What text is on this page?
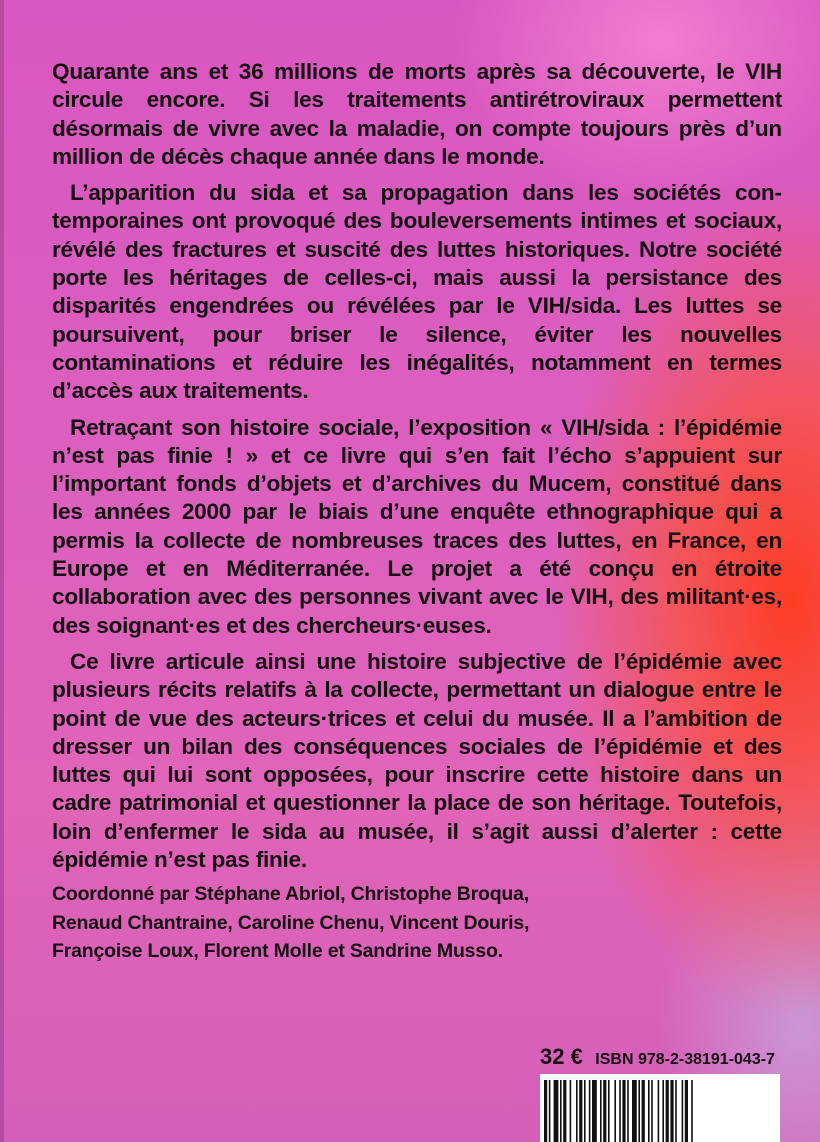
Quarante ans et 36 millions de morts après sa découverte, le VIH circule encore. Si les traitements antirétroviraux permettent désormais de vivre avec la maladie, on compte toujours près d’un million de décès chaque année dans le monde.

L’apparition du sida et sa propagation dans les sociétés contemporaines ont provoqué des bouleversements intimes et sociaux, révélé des fractures et suscité des luttes historiques. Notre société porte les héritages de celles-ci, mais aussi la persistance des disparités engendrées ou révélées par le VIH/​sida. Les luttes se poursuivent, pour briser le silence, éviter les nouvelles contaminations et réduire les inégalités, notamment en termes d’accès aux traitements.

Retraçant son histoire sociale, l’exposition « VIH/sida : l’épidémie n’est pas finie ! » et ce livre qui s’en fait l’écho s’appuient sur l’important fonds d’objets et d’archives du Mucem, constitué dans les années 2000 par le biais d’une enquête ethnographique qui a permis la collecte de nombreuses traces des luttes, en France, en Europe et en Méditerranée. Le projet a été conçu en étroite collaboration avec des personnes vivant avec le VIH, des militant·es, des soignant·es et des chercheurs·euses.

Ce livre articule ainsi une histoire subjective de l’épidémie avec plusieurs récits relatifs à la collecte, permettant un dialogue entre le point de vue des acteurs·trices et celui du musée. Il a l’ambition de dresser un bilan des conséquences sociales de l’épidémie et des luttes qui lui sont opposées, pour inscrire cette histoire dans un cadre patrimonial et questionner la place de son héritage. Toutefois, loin d’enfermer le sida au musée, il s’agit aussi d’alerter : cette épidémie n’est pas finie.

Coordonné par Stéphane Abriol, Christophe Broqua,
Renaud Chantraine, Caroline Chenu, Vincent Douris,
Françoise Loux, Florent Molle et Sandrine Musso.
32 € ISBN 978-2-38191-043-7
